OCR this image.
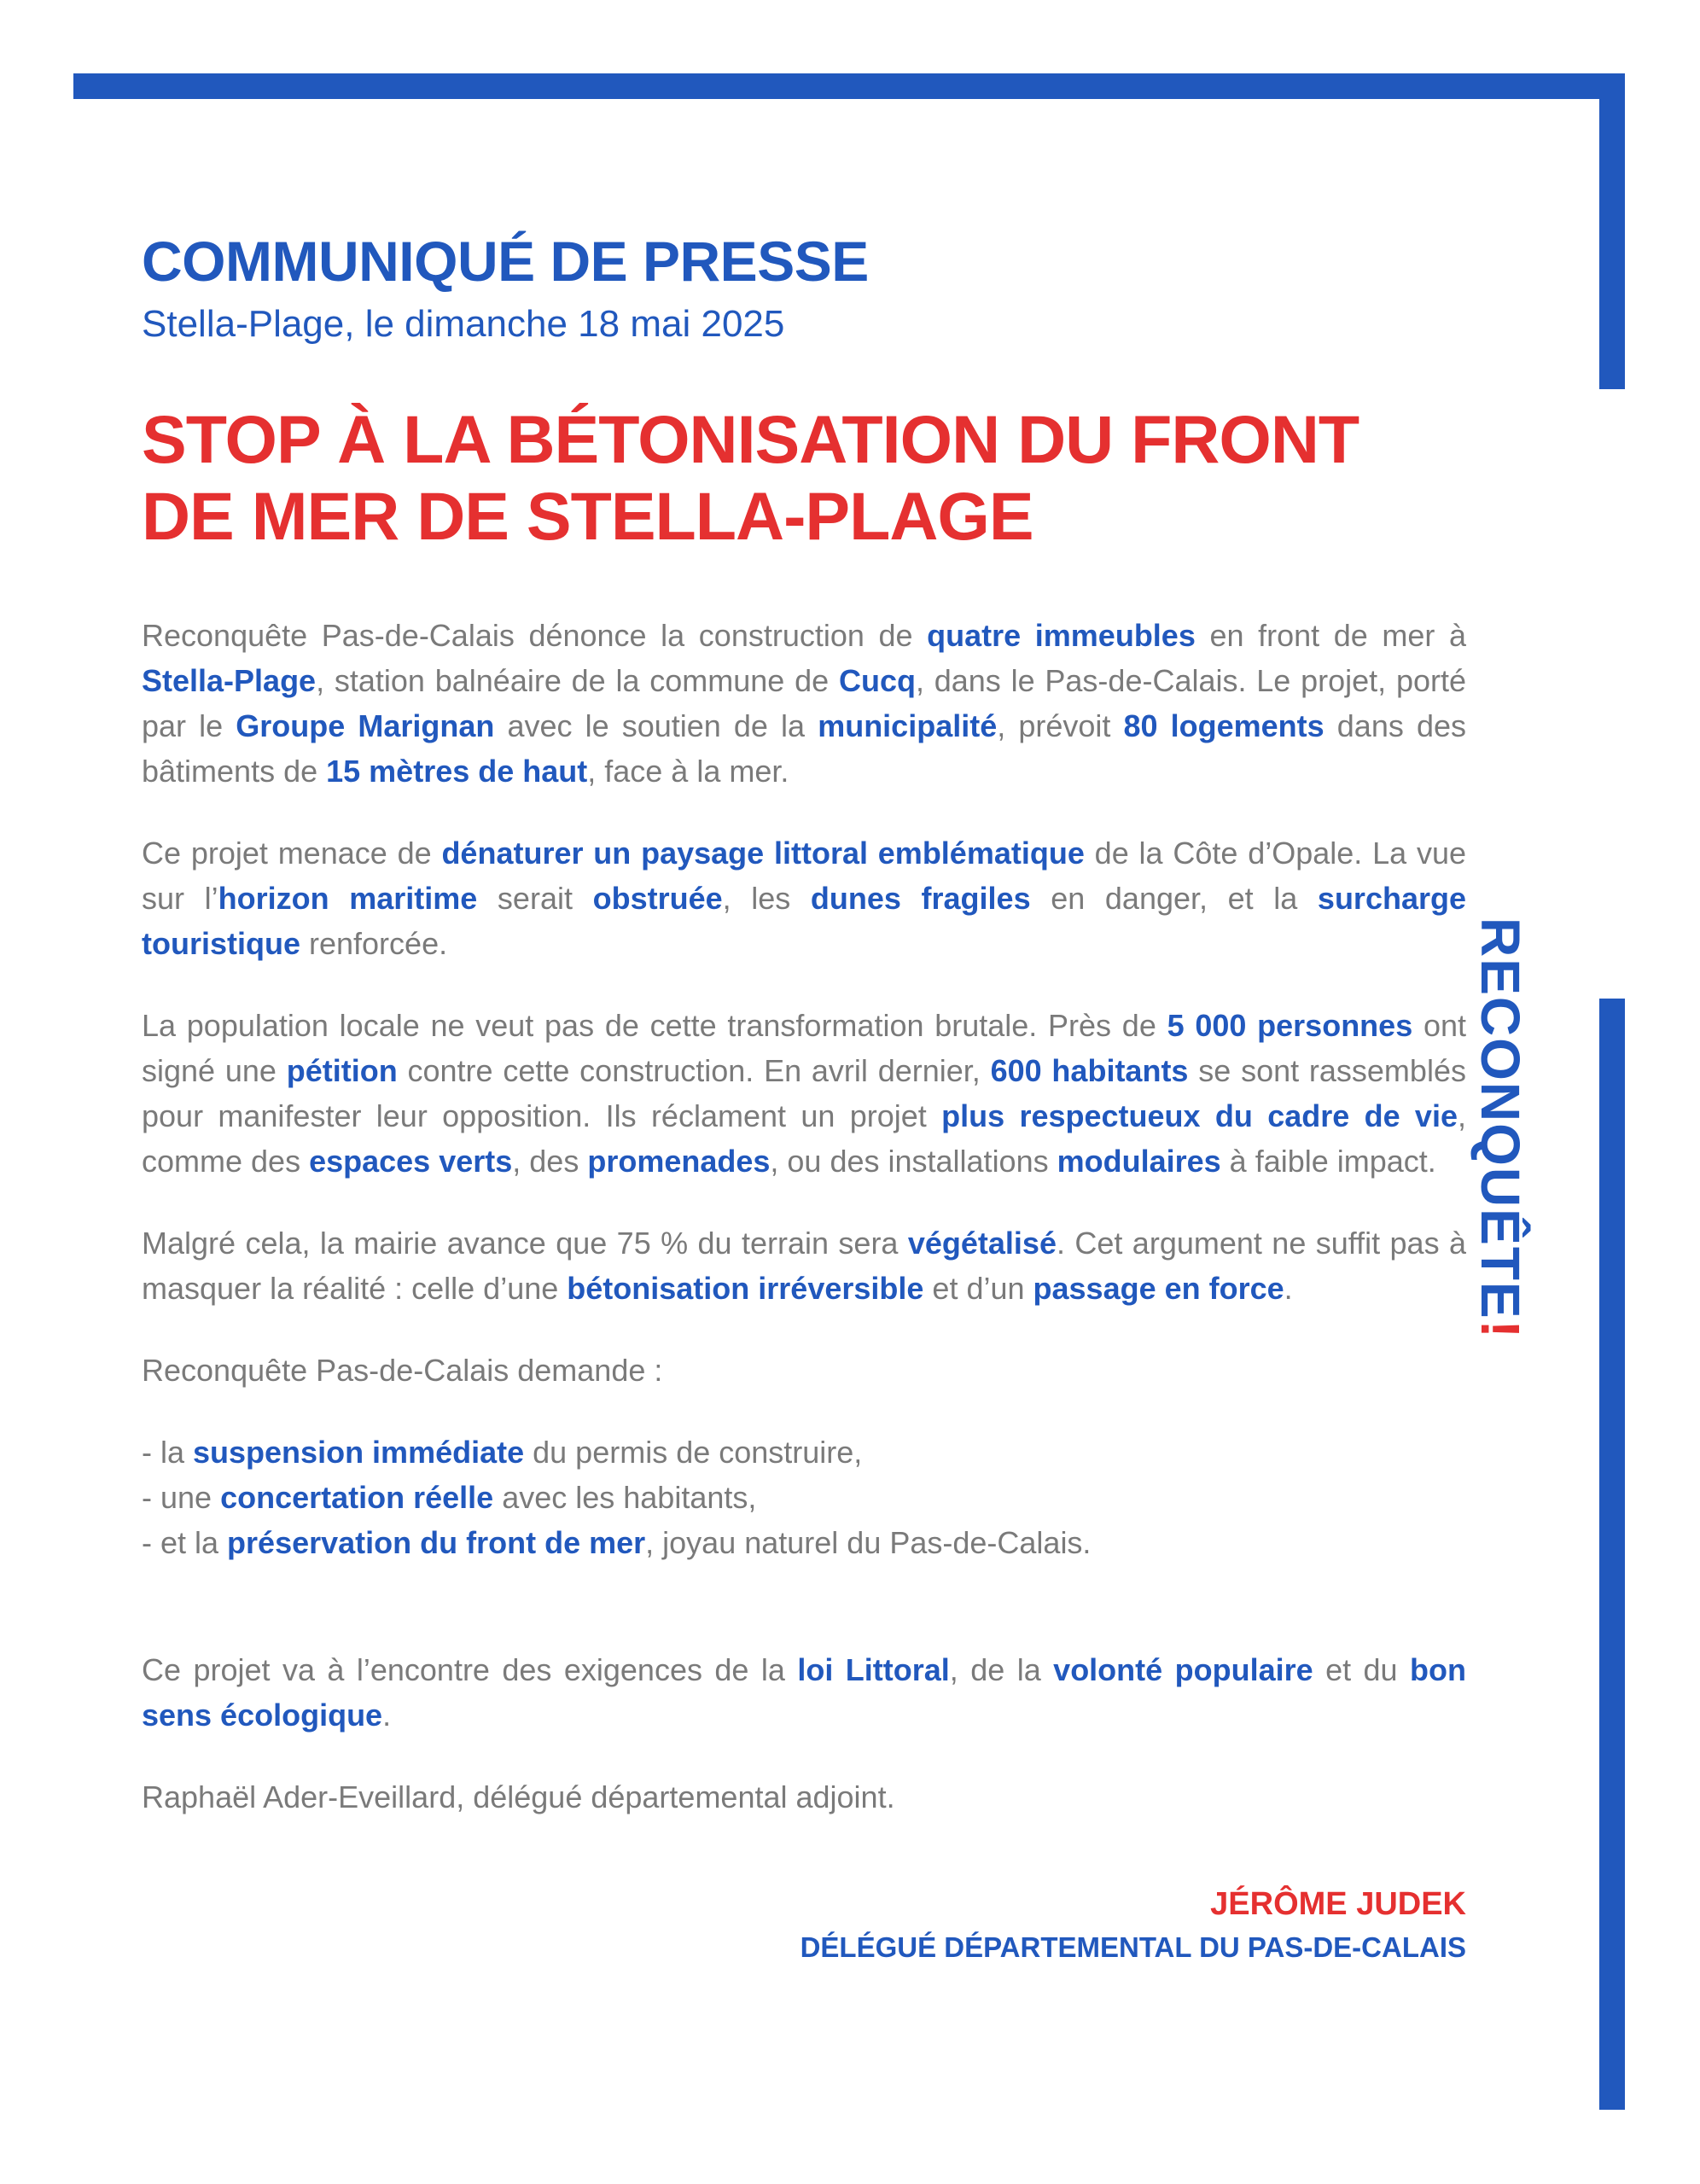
RECONQUÊTE!
COMMUNIQUÉ DE PRESSE
Stella-Plage, le dimanche 18 mai 2025
STOP À LA BÉTONISATION DU FRONT
DE MER DE STELLA-PLAGE

Reconquête Pas-de-Calais dénonce la construction de quatre immeubles en front de mer à Stella-Plage, station balnéaire de la commune de Cucq, dans le Pas-de-Calais. Le projet, porté par le Groupe Marignan avec le soutien de la municipalité, prévoit 80 logements dans des bâtiments de 15 mètres de haut, face à la mer.

Ce projet menace de dénaturer un paysage littoral emblématique de la Côte d’Opale. La vue sur l’horizon maritime serait obstruée, les dunes fragiles en danger, et la surcharge touristique renforcée.

La population locale ne veut pas de cette transformation brutale. Près de 5 000 personnes ont signé une pétition contre cette construction. En avril dernier, 600 habitants se sont rassemblés pour manifester leur opposition. Ils réclament un projet plus respectueux du cadre de vie, comme des espaces verts, des promenades, ou des installations modulaires à faible impact.

Malgré cela, la mairie avance que 75 % du terrain sera végétalisé. Cet argument ne suffit pas à masquer la réalité : celle d’une bétonisation irréversible et d’un passage en force.

Reconquête Pas-de-Calais demande :

- la suspension immédiate du permis de construire,
- une concertation réelle avec les habitants,
- et la préservation du front de mer, joyau naturel du Pas-de-Calais.

Ce projet va à l’encontre des exigences de la loi Littoral, de la volonté populaire et du bon sens écologique.

Raphaël Ader-Eveillard, délégué départemental adjoint.

JÉRÔME JUDEK
DÉLÉGUÉ DÉPARTEMENTAL DU PAS-DE-CALAIS
